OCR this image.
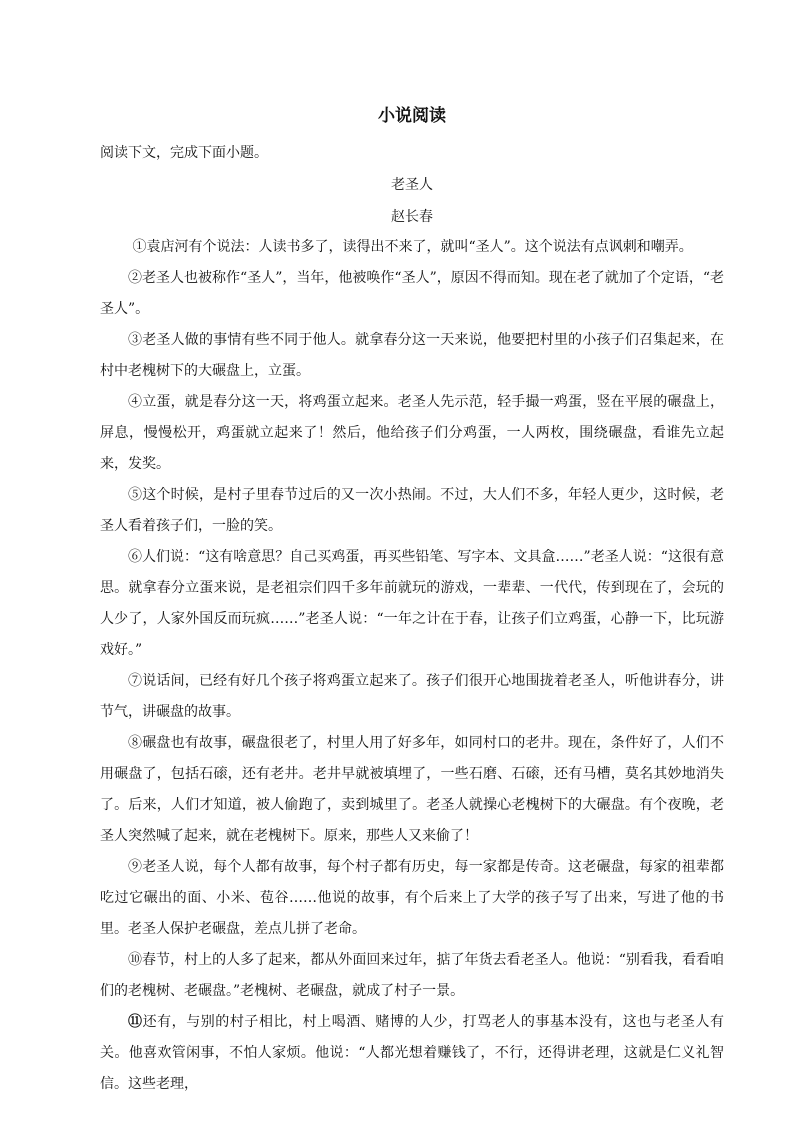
小说阅读
阅读下文，完成下面小题。
老圣人
赵长春

①袁店河有个说法：人读书多了，读得出不来了，就叫“圣人”。这个说法有点讽刺和嘲弄。

②老圣人也被称作“圣人”，当年，他被唤作“圣人”，原因不得而知。现在老了就加了个定语，“老圣人”。

③老圣人做的事情有些不同于他人。就拿春分这一天来说，他要把村里的小孩子们召集起来，在村中老槐树下的大碾盘上，立蛋。

④立蛋，就是春分这一天，将鸡蛋立起来。老圣人先示范，轻手撮一鸡蛋，竖在平展的碾盘上，屏息，慢慢松开，鸡蛋就立起来了！然后，他给孩子们分鸡蛋，一人两枚，围绕碾盘，看谁先立起来，发奖。

⑤这个时候，是村子里春节过后的又一次小热闹。不过，大人们不多，年轻人更少，这时候，老圣人看着孩子们，一脸的笑。

⑥人们说：“这有啥意思？自己买鸡蛋，再买些铅笔、写字本、文具盒……”老圣人说：“这很有意思。就拿春分立蛋来说，是老祖宗们四千多年前就玩的游戏，一辈辈、一代代，传到现在了，会玩的人少了，人家外国反而玩疯……”老圣人说：“一年之计在于春，让孩子们立鸡蛋，心静一下，比玩游戏好。”

⑦说话间，已经有好几个孩子将鸡蛋立起来了。孩子们很开心地围拢着老圣人，听他讲春分，讲节气，讲碾盘的故事。

⑧碾盘也有故事，碾盘很老了，村里人用了好多年，如同村口的老井。现在，条件好了，人们不用碾盘了，包括石磙，还有老井。老井早就被填埋了，一些石磨、石磙，还有马槽，莫名其妙地消失了。后来，人们才知道，被人偷跑了，卖到城里了。老圣人就操心老槐树下的大碾盘。有个夜晚，老圣人突然喊了起来，就在老槐树下。原来，那些人又来偷了！

⑨老圣人说，每个人都有故事，每个村子都有历史，每一家都是传奇。这老碾盘，每家的祖辈都吃过它碾出的面、小米、苞谷……他说的故事，有个后来上了大学的孩子写了出来，写进了他的书里。老圣人保护老碾盘，差点儿拼了老命。

⑩春节，村上的人多了起来，都从外面回来过年，掂了年货去看老圣人。他说：“别看我，看看咱们的老槐树、老碾盘。”老槐树、老碾盘，就成了村子一景。

⑪还有，与别的村子相比，村上喝酒、赌博的人少，打骂老人的事基本没有，这也与老圣人有关。他喜欢管闲事，不怕人家烦。他说：“人都光想着赚钱了，不行，还得讲老理，这就是仁义礼智信。这些老理，
